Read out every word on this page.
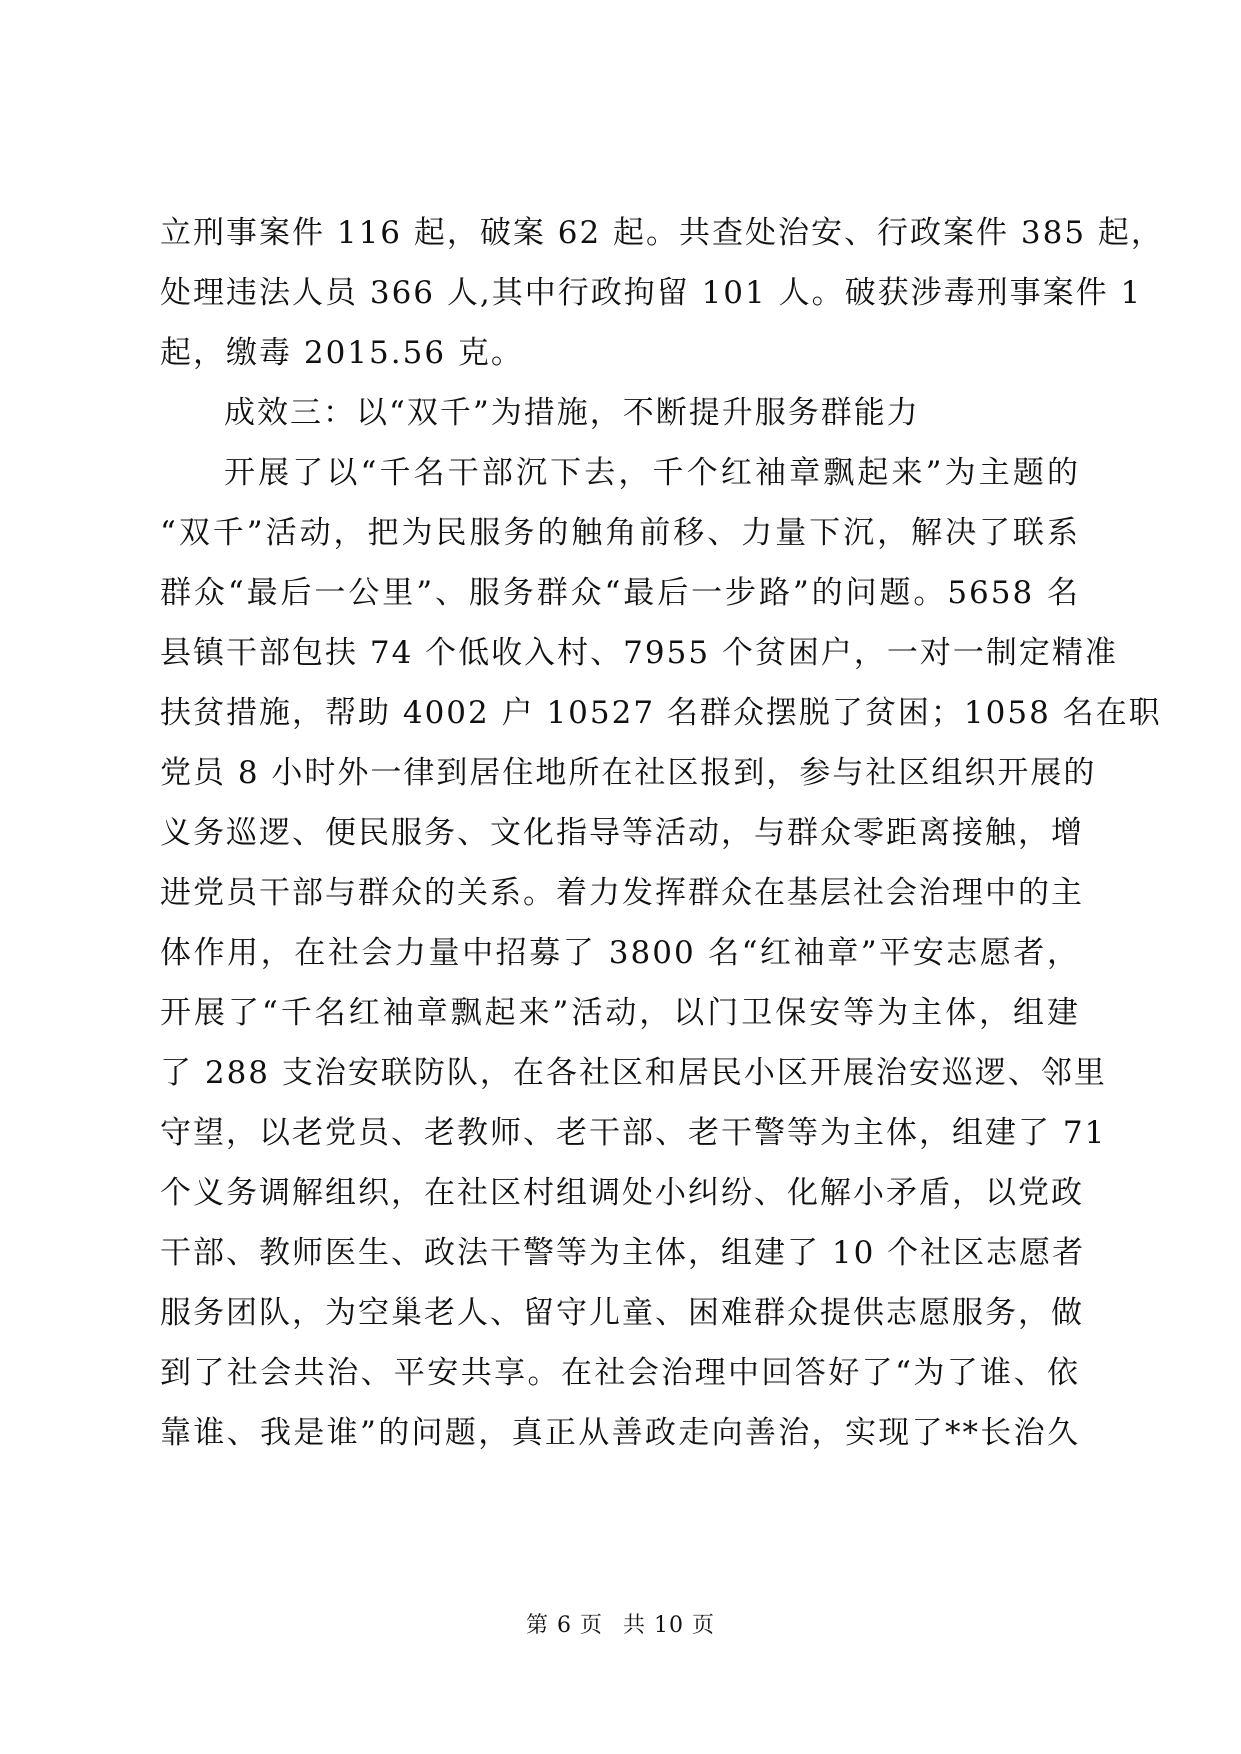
立刑事案件 116 起，破案 62 起。共查处治安、行政案件 385 起，

处理违法人员 366 人,其中行政拘留 101 人。破获涉毒刑事案件 1

起，缴毒 2015.56 克。

成效三：以“双千”为措施，不断提升服务群能力

开展了以“千名干部沉下去，千个红袖章飘起来”为主题的

“双千”活动，把为民服务的触角前移、力量下沉，解决了联系

群众“最后一公里”、服务群众“最后一步路”的问题。5658 名

县镇干部包扶 74 个低收入村、7955 个贫困户，一对一制定精准

扶贫措施，帮助 4002 户 10527 名群众摆脱了贫困；1058 名在职

党员 8 小时外一律到居住地所在社区报到，参与社区组织开展的

义务巡逻、便民服务、文化指导等活动，与群众零距离接触，增

进党员干部与群众的关系。着力发挥群众在基层社会治理中的主

体作用，在社会力量中招募了 3800 名“红袖章”平安志愿者，

开展了“千名红袖章飘起来”活动，以门卫保安等为主体，组建

了 288 支治安联防队，在各社区和居民小区开展治安巡逻、邻里

守望，以老党员、老教师、老干部、老干警等为主体，组建了 71

个义务调解组织，在社区村组调处小纠纷、化解小矛盾，以党政

干部、教师医生、政法干警等为主体，组建了 10 个社区志愿者

服务团队，为空巢老人、留守儿童、困难群众提供志愿服务，做

到了社会共治、平安共享。在社会治理中回答好了“为了谁、依

靠谁、我是谁”的问题，真正从善政走向善治，实现了**长治久

第 6 页 共 10 页
